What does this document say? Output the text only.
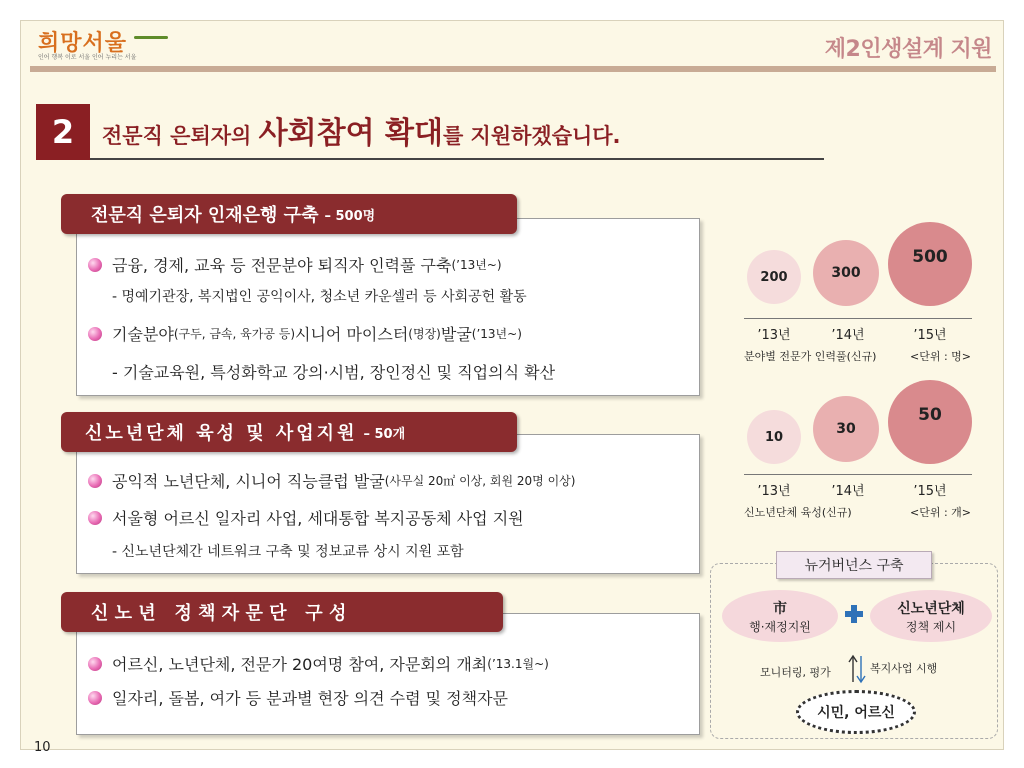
희망서울
인어 행복 이로 서울 인어 누리는 서울	제2인생설계 지원
2	전문직 은퇴자의 사회참여 확대를 지원하겠습니다.
전문직 은퇴자 인재은행 구축 – 500명
금융, 경제, 교육 등 전문분야 퇴직자 인력풀 구축 (’13년~)
- 명예기관장, 복지법인 공익이사, 청소년 카운셀러 등 사회공헌 활동
기술분야 (구두, 금속, 육가공 등) 시니어 마이스터 (명장) 발굴 (’13년~)
- 기술교육원, 특성화학교 강의·시범, 장인정신 및 직업의식 확산
신노년단체 육성 및 사업지원 – 50개
공익적 노년단체, 시니어 직능클럽 발굴 (사무실 20㎡ 이상, 회원 20명 이상)
서울형 어르신 일자리 사업, 세대통합 복지공동체 사업 지원
- 신노년단체간 네트워크 구축 및 정보교류 상시 지원 포함
신 노 년   정 책 자 문 단   구 성
어르신, 노년단체, 전문가 20여명 참여, 자문회의 개최 (’13.1월~)
일자리, 돌봄, 여가 등 분과별 현장 의견 수렴 및 정책자문
200	300
500
’13년	’14년	’15년
분야별 전문가 인력풀(신규)	<단위 : 명>
10	30
50
’13년	’14년	’15년
신노년단체 육성(신규)	<단위 : 개>
뉴거버넌스 구축
市
행·재정지원
신노년단체
정책 제시
모니터링, 평가	복지사업 시행
시민, 어르신
10
